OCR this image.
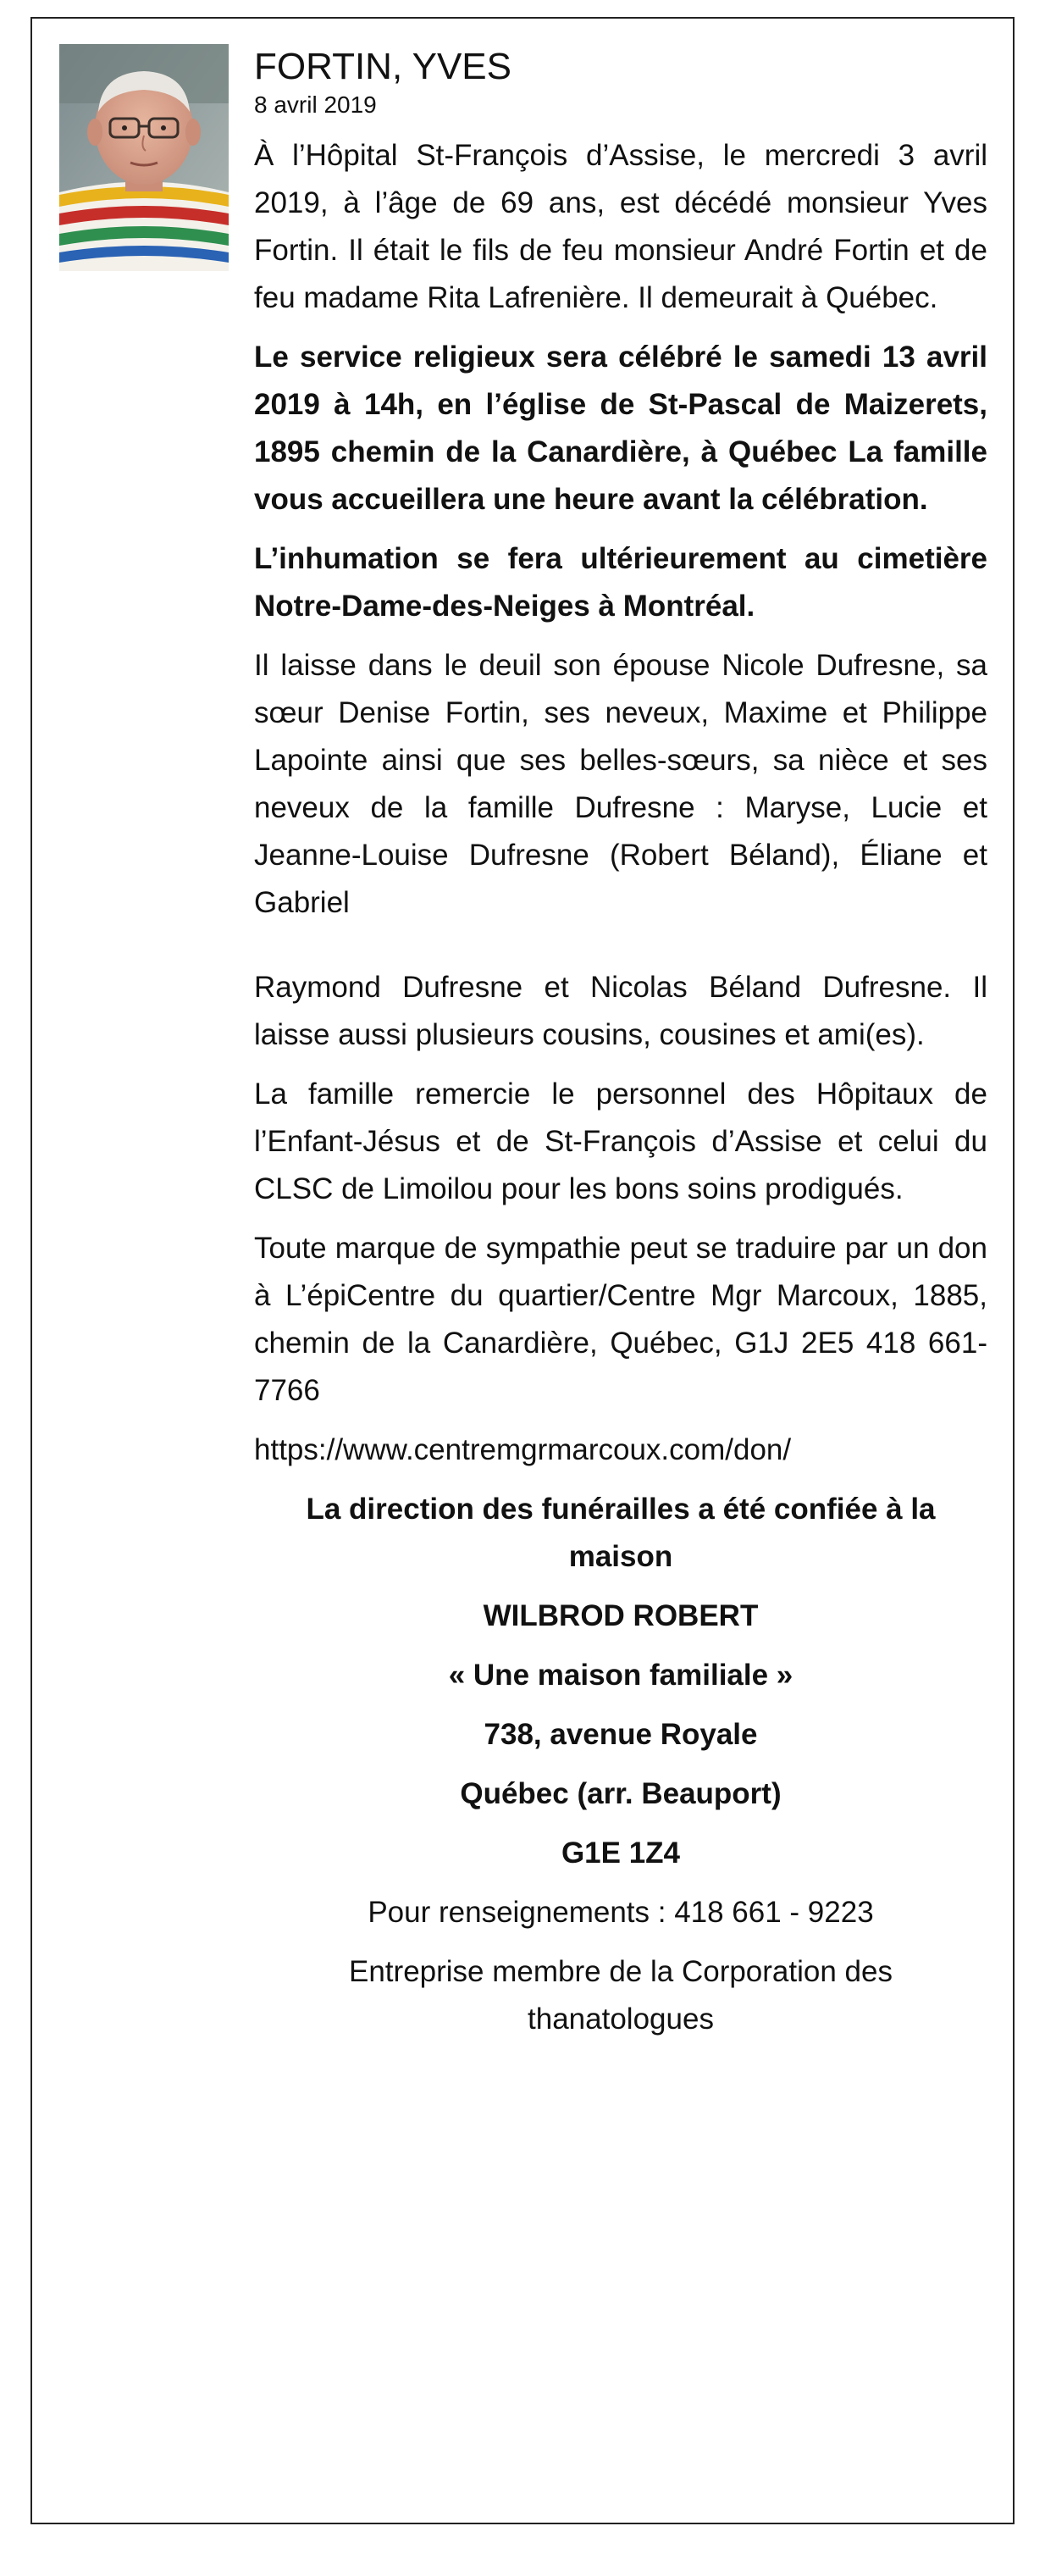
FORTIN, YVES

8 avril 2019

À l’Hôpital St-François d’Assise, le mercredi 3 avril 2019, à l’âge de 69 ans, est décédé monsieur Yves Fortin. Il était le fils de feu monsieur André Fortin et de feu madame Rita Lafrenière. Il demeurait à Québec.

Le service religieux sera célébré le samedi 13 avril 2019 à 14h, en l’église de St-Pascal de Maizerets, 1895 chemin de la Canardière, à Québec La famille vous accueillera une heure avant la célébration.

L’inhumation se fera ultérieurement au cimetière Notre-Dame-des-Neiges à Montréal.

Il laisse dans le deuil son épouse Nicole Dufresne, sa sœur Denise Fortin, ses neveux, Maxime et Philippe Lapointe ainsi que ses belles-sœurs, sa nièce et ses neveux de la famille Dufresne : Maryse, Lucie et Jeanne-Louise Dufresne (Robert Béland), Éliane et Gabriel

Raymond Dufresne et Nicolas Béland Dufresne. Il laisse aussi plusieurs cousins, cousines et ami(es).

La famille remercie le personnel des Hôpitaux de l’Enfant-Jésus et de St-François d’Assise et celui du CLSC de Limoilou pour les bons soins prodigués.

Toute marque de sympathie peut se traduire par un don à L’épiCentre du quartier/Centre Mgr Marcoux, 1885, chemin de la Canardière, Québec, G1J 2E5 418 661-7766

https://www.centremgrmarcoux.com/don/

La direction des funérailles a été confiée à la maison

WILBROD ROBERT

« Une maison familiale »

738, avenue Royale

Québec (arr. Beauport)

G1E 1Z4

Pour renseignements : 418 661 - 9223

Entreprise membre de la Corporation des thanatologues
